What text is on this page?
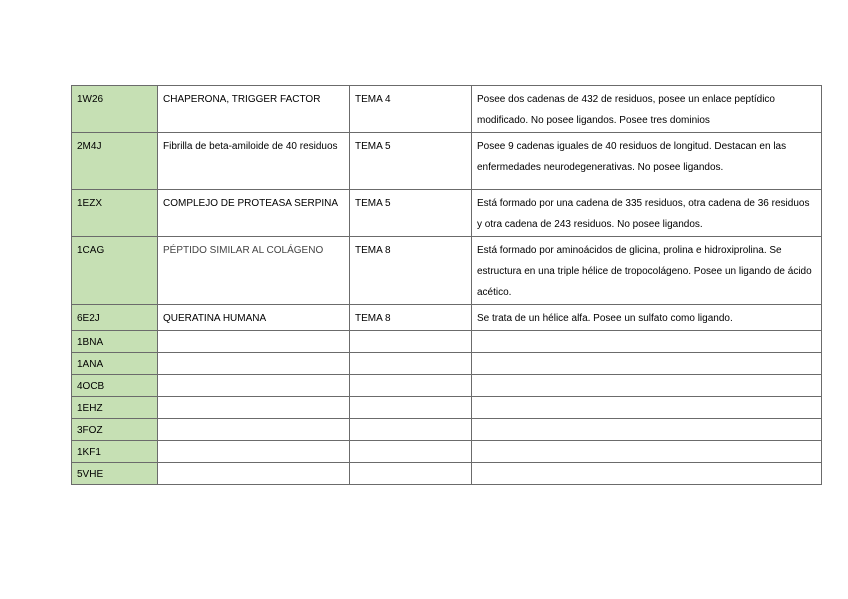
1W26	CHAPERONA, TRIGGER FACTOR	TEMA 4	Posee dos cadenas de 432 de residuos, posee un enlace peptídico modificado. No posee ligandos. Posee tres dominios
2M4J	Fibrilla de beta-amiloide de 40 residuos	TEMA 5	Posee 9 cadenas iguales de 40 residuos de longitud. Destacan en las enfermedades neurodegenerativas. No posee ligandos.
1EZX	COMPLEJO DE PROTEASA SERPINA	TEMA 5	Está formado por una cadena de 335 residuos, otra cadena de 36 residuos y otra cadena de 243 residuos. No posee ligandos.
1CAG	PÉPTIDO SIMILAR AL COLÁGENO	TEMA 8	Está formado por aminoácidos de glicina, prolina e hidroxiprolina. Se estructura en una triple hélice de tropocolágeno. Posee un ligando de ácido acético.
6E2J	QUERATINA HUMANA	TEMA 8	Se trata de un hélice alfa. Posee un sulfato como ligando.
1BNA			
1ANA			
4OCB			
1EHZ			
3FOZ			
1KF1			
5VHE			
